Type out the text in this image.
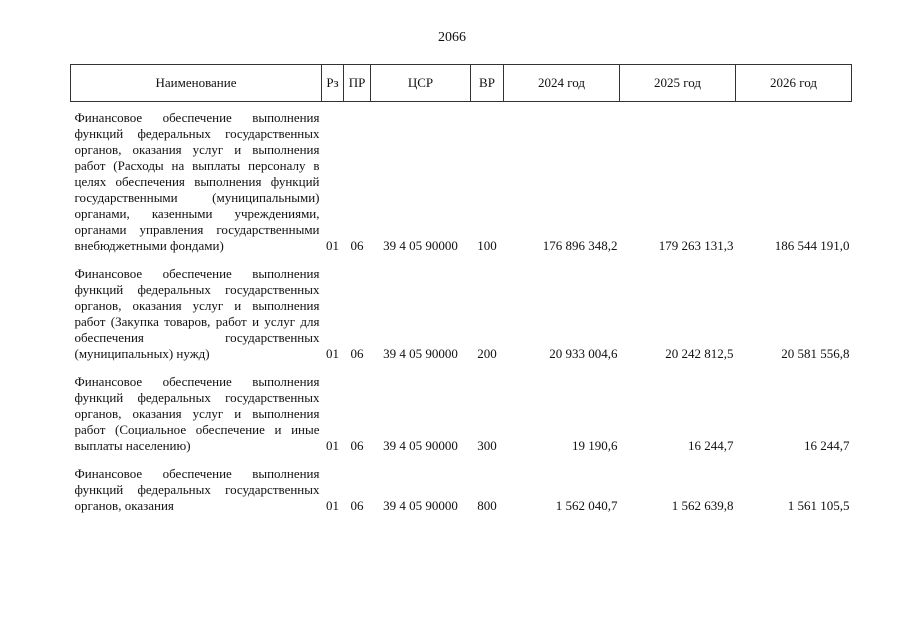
2066
Наименование	Рз	ПР	ЦСР	ВР	2024 год	2025 год	2026 год

Финансовое обеспечение выполнения функций федеральных государственных органов, оказания услуг и выполнения работ (Расходы на выплаты персоналу в целях обеспечения выполнения функций государственными (муниципальными) органами, казенными учреждениями, органами управления государственными внебюджетными фондами)	01	06	39 4 05 90000	100	176 896 348,2	179 263 131,3	186 544 191,0

Финансовое обеспечение выполнения функций федеральных государственных органов, оказания услуг и выполнения работ (Закупка товаров, работ и услуг для обеспечения государственных (муниципальных) нужд)	01	06	39 4 05 90000	200	20 933 004,6	20 242 812,5	20 581 556,8

Финансовое обеспечение выполнения функций федеральных государственных органов, оказания услуг и выполнения работ (Социальное обеспечение и иные выплаты населению)	01	06	39 4 05 90000	300	19 190,6	16 244,7	16 244,7

Финансовое обеспечение выполнения функций федеральных государственных органов, оказания	01	06	39 4 05 90000	800	1 562 040,7	1 562 639,8	1 561 105,5
